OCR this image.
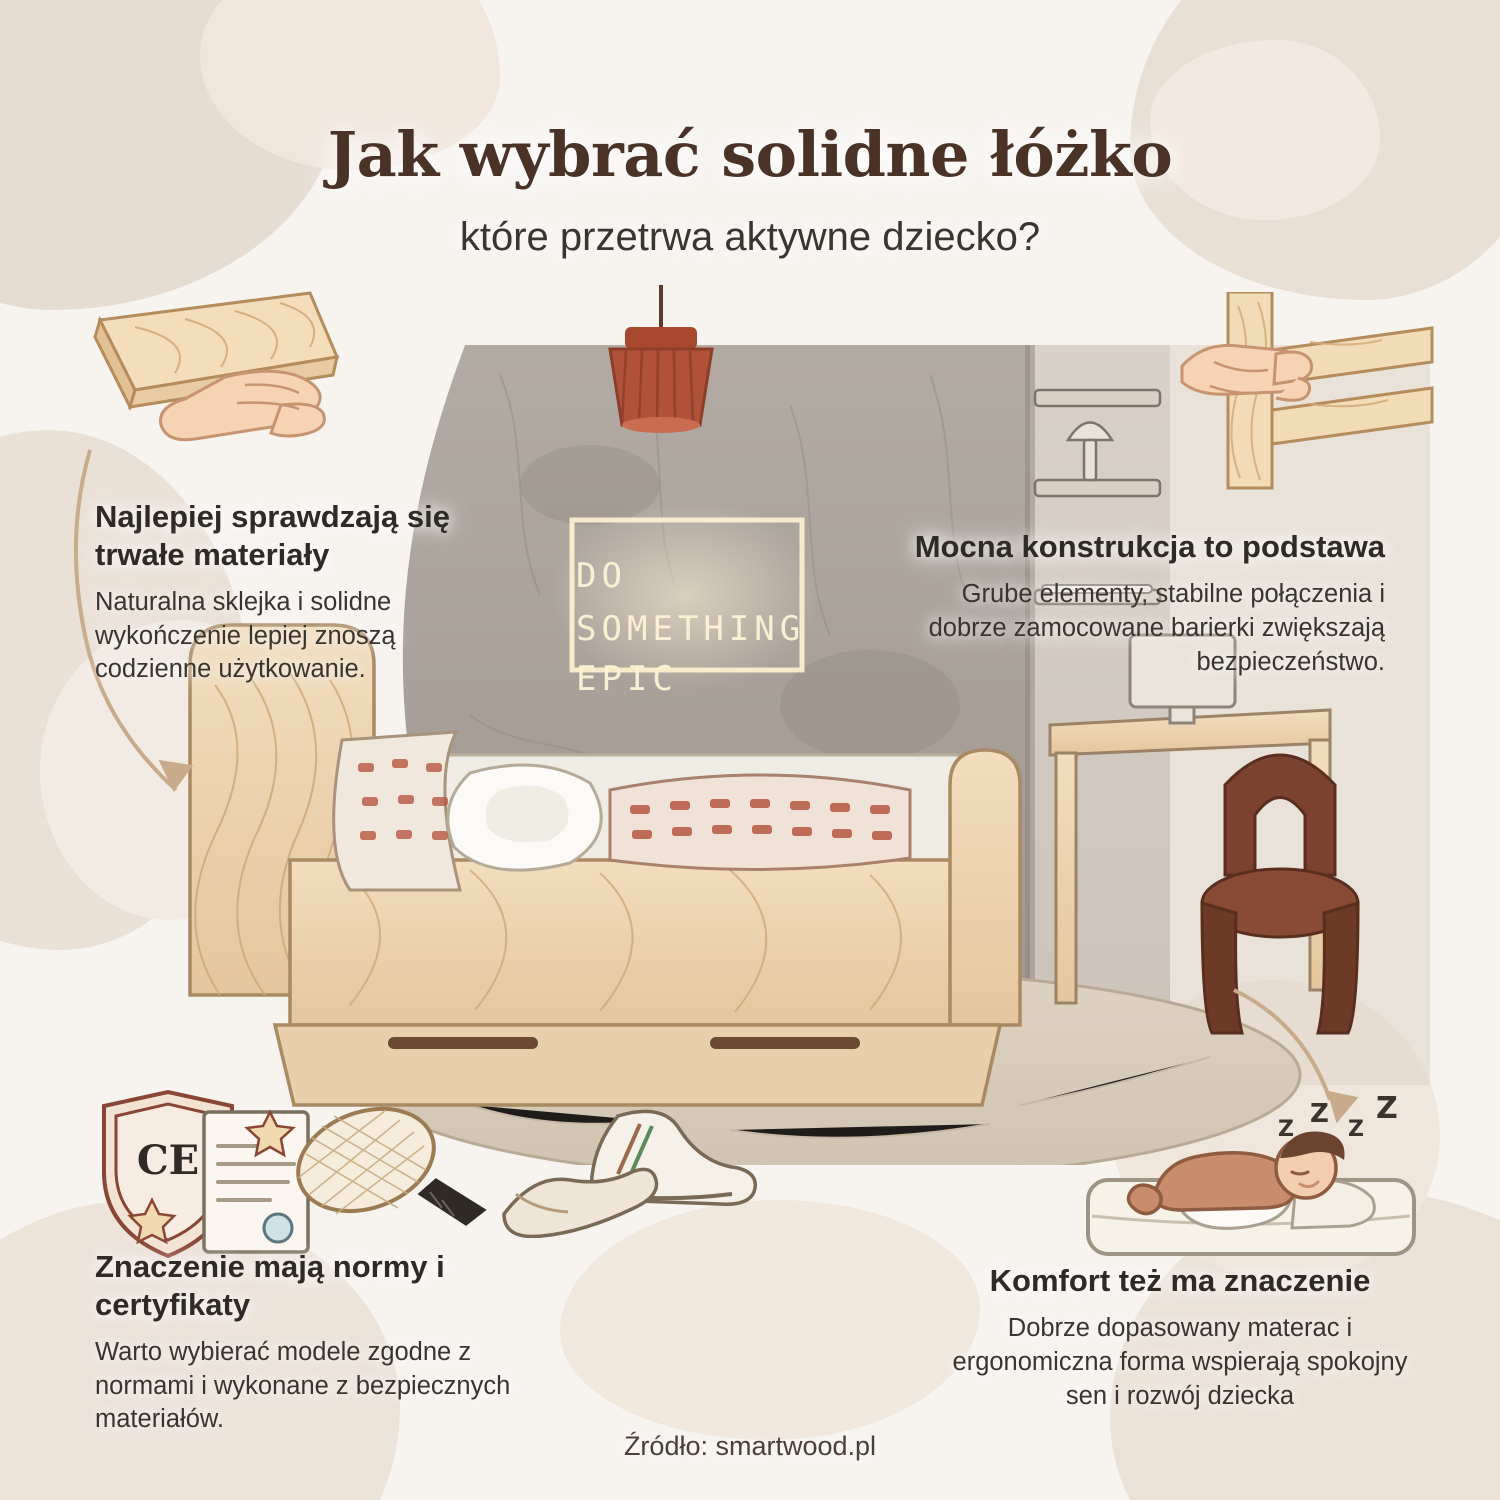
DO
SOMETHING
EPIC
CE
Z
Z
Z
Z
Najlepiej sprawdzają się trwałe materiały

Naturalna sklejka i solidne wykończenie lepiej znoszą codzienne użytkowanie.

Mocna konstrukcja to podstawa

Grube elementy, stabilne połączenia i dobrze zamocowane barierki zwiększają bezpieczeństwo.

Znaczenie mają normy i certyfikaty

Warto wybierać modele zgodne z normami i wykonane z bezpiecznych materiałów.

Komfort też ma znaczenie

Dobrze dopasowany materac i ergonomiczna forma wspierają spokojny sen i rozwój dziecka

Jak wybrać solidne łóżko
które przetrwa aktywne dziecko?
Źródło: smartwood.pl
